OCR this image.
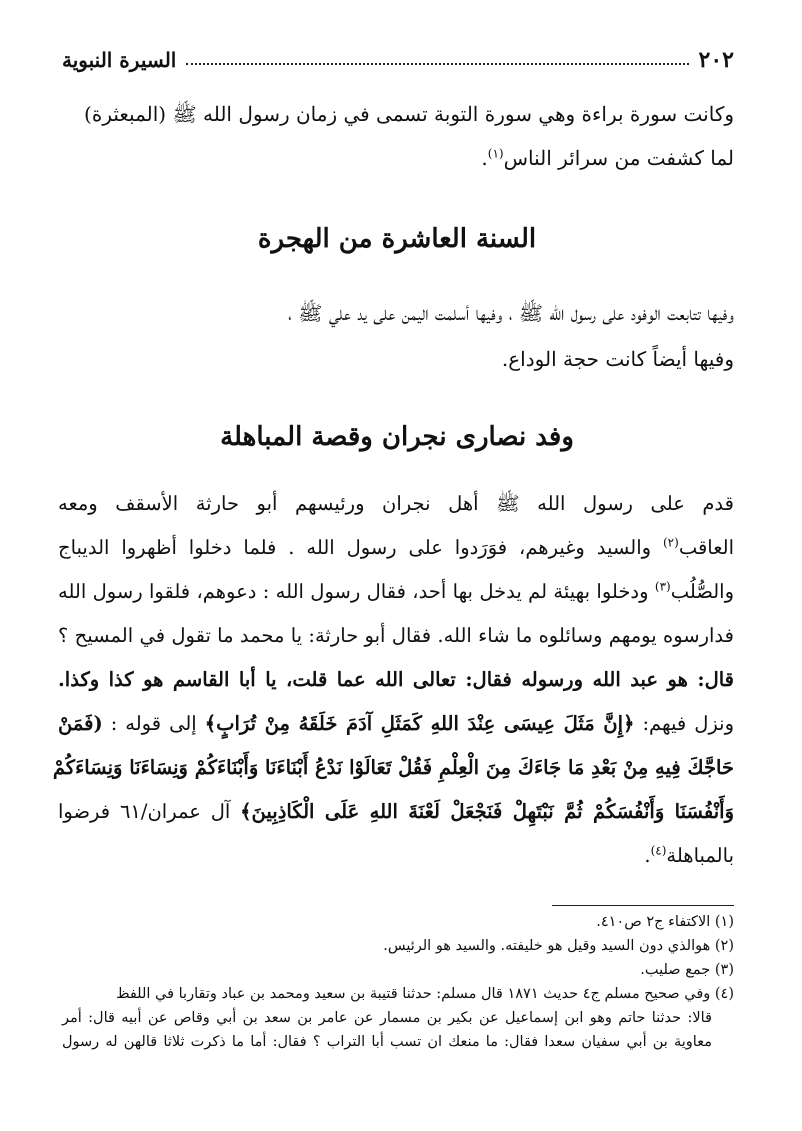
٢٠٢
السيرة النبوية

وكانت سورة براءة وهي سورة التوبة تسمى في زمان رسول الله ﷺ (المبعثرة)

لما كشفت من سرائر الناس$^{(١)}$.

السنة العاشرة من الهجرة

وفيها تتابعت الوفود على رسول الله ﷺ ، وفيها أسلمت اليمن على يد علي ﷺ ،

وفيها أيضاً كانت حجة الوداع.

وفد نصارى نجران وقصة المباهلة
قدم على رسول الله ﷺ أهل نجران ورئيسهم أبو حارثة الأسقف ومعه
العاقب$^{(٢)}$ والسيد وغيرهم، فوَرَدوا على رسول الله . فلما دخلوا أظهروا الديباج
والصُّلُب$^{(٣)}$ ودخلوا بهيئة لم يدخل بها أحد، فقال رسول الله : دعوهم، فلقوا رسول الله
فدارسوه يومهم وسائلوه ما شاء الله. فقال أبو حارثة: يا محمد ما تقول في المسيح ؟
قال: هو عبد الله ورسوله فقال: تعالى الله عما قلت، يا أبا القاسم هو كذا وكذا.
ونزل فيهم: ﴿إِنَّ مَثَلَ عِيسَى عِنْدَ اللهِ كَمَثَلِ آدَمَ خَلَقَهُ مِنْ تُرَابٍ﴾ إلى قوله : (فَمَنْ
حَاجَّكَ فِيهِ مِنْ بَعْدِ مَا جَاءَكَ مِنَ الْعِلْمِ فَقُلْ تَعَالَوْا نَدْعُ أَبْنَاءَنَا وَأَبْنَاءَكُمْ وَنِسَاءَنَا وَنِسَاءَكُمْ
وَأَنْفُسَنَا وَأَنْفُسَكُمْ ثُمَّ نَبْتَهِلْ فَنَجْعَلْ لَعْنَةَ اللهِ عَلَى الْكَاذِبِينَ﴾ آل عمران/٦١ فرضوا
بالمباهلة$^{(٤)}$.
(١) الاكتفاء ج٢ ص٤١٠.
(٢) هوالذي دون السيد وقيل هو خليفته. والسيد هو الرئيس.
(٣) جمع صليب.
(٤) وفي صحيح مسلم ج٤ حديث ١٨٧١ قال مسلم: حدثنا قتيبة بن سعيد ومحمد بن عباد وتقاربا في اللفظ
قالا: حدثنا حاتم وهو ابن إسماعيل عن بكير بن مسمار عن عامر بن سعد بن أبي وقاص عن أبيه قال: أمر
معاوية بن أبي سفيان سعدا فقال: ما منعك ان تسب أبا التراب ؟ فقال: أما ما ذكرت ثلاثا قالهن له رسول
